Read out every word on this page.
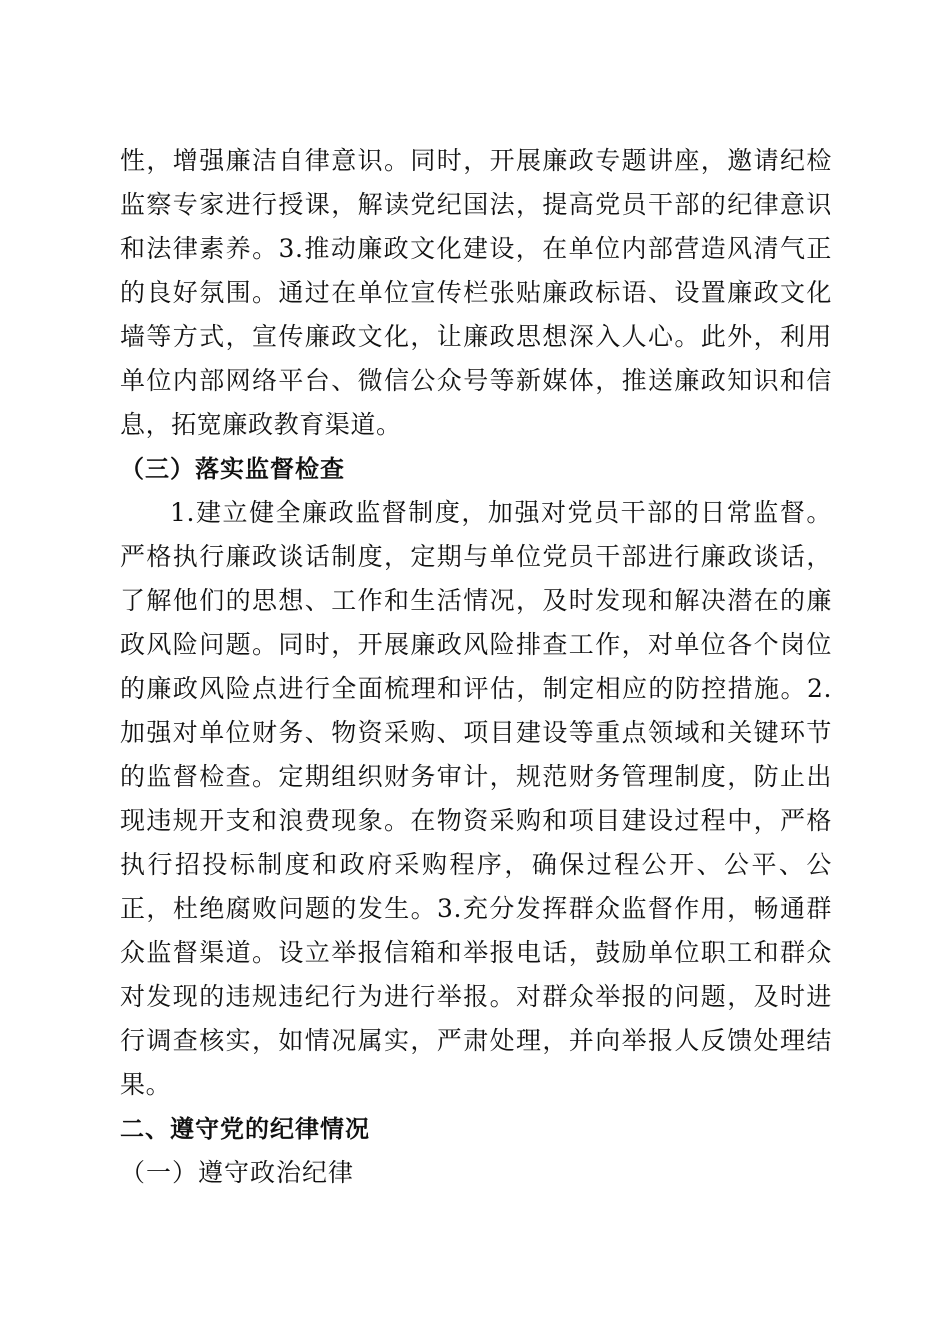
性，增强廉洁自律意识。同时，开展廉政专题讲座，邀请纪检监察专家进行授课，解读党纪国法，提高党员干部的纪律意识和法律素养。3.推动廉政文化建设，在单位内部营造风清气正的良好氛围。通过在单位宣传栏张贴廉政标语、设置廉政文化墙等方式，宣传廉政文化，让廉政思想深入人心。此外，利用单位内部网络平台、微信公众号等新媒体，推送廉政知识和信息，拓宽廉政教育渠道。

（三）落实监督检查

1.建立健全廉政监督制度，加强对党员干部的日常监督。严格执行廉政谈话制度，定期与单位党员干部进行廉政谈话，了解他们的思想、工作和生活情况，及时发现和解决潜在的廉政风险问题。同时，开展廉政风险排查工作，对单位各个岗位的廉政风险点进行全面梳理和评估，制定相应的防控措施。2.加强对单位财务、物资采购、项目建设等重点领域和关键环节的监督检查。定期组织财务审计，规范财务管理制度，防止出现违规开支和浪费现象。在物资采购和项目建设过程中，严格执行招投标制度和政府采购程序，确保过程公开、公平、公正，杜绝腐败问题的发生。3.充分发挥群众监督作用，畅通群众监督渠道。设立举报信箱和举报电话，鼓励单位职工和群众对发现的违规违纪行为进行举报。对群众举报的问题，及时进行调查核实，如情况属实，严肃处理，并向举报人反馈处理结果。

二、遵守党的纪律情况

（一）遵守政治纪律
